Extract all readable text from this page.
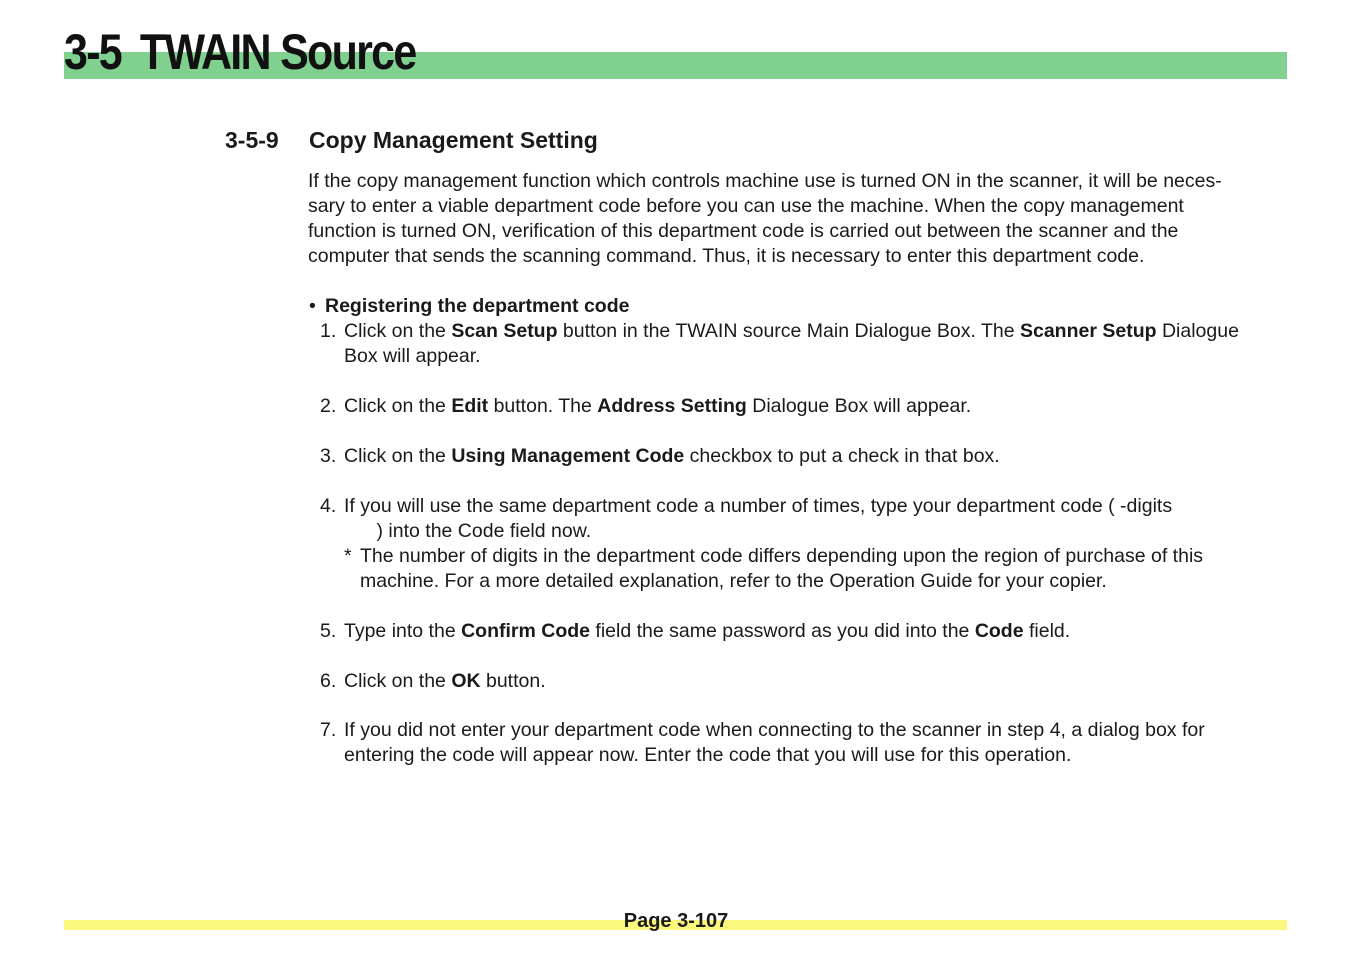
3-5 TWAIN Source
3-5-9 Copy Management Setting
If the copy management function which controls machine use is turned ON in the scanner, it will be neces-
sary to enter a viable department code before you can use the machine. When the copy management
function is turned ON, verification of this department code is carried out between the scanner and the
computer that sends the scanning command. Thus, it is necessary to enter this department code.
• Registering the department code
1. Click on the Scan Setup button in the TWAIN source Main Dialogue Box. The Scanner Setup Dialogue
Box will appear.
2. Click on the Edit button. The Address Setting Dialogue Box will appear.
3. Click on the Using Management Code checkbox to put a check in that box.
4. If you will use the same department code a number of times, type your department code ( -digits
) into the Code field now.
* The number of digits in the department code differs depending upon the region of purchase of this
machine. For a more detailed explanation, refer to the Operation Guide for your copier.
5. Type into the Confirm Code field the same password as you did into the Code field.
6. Click on the OK button.
7. If you did not enter your department code when connecting to the scanner in step 4, a dialog box for
entering the code will appear now. Enter the code that you will use for this operation.
Page 3-107
